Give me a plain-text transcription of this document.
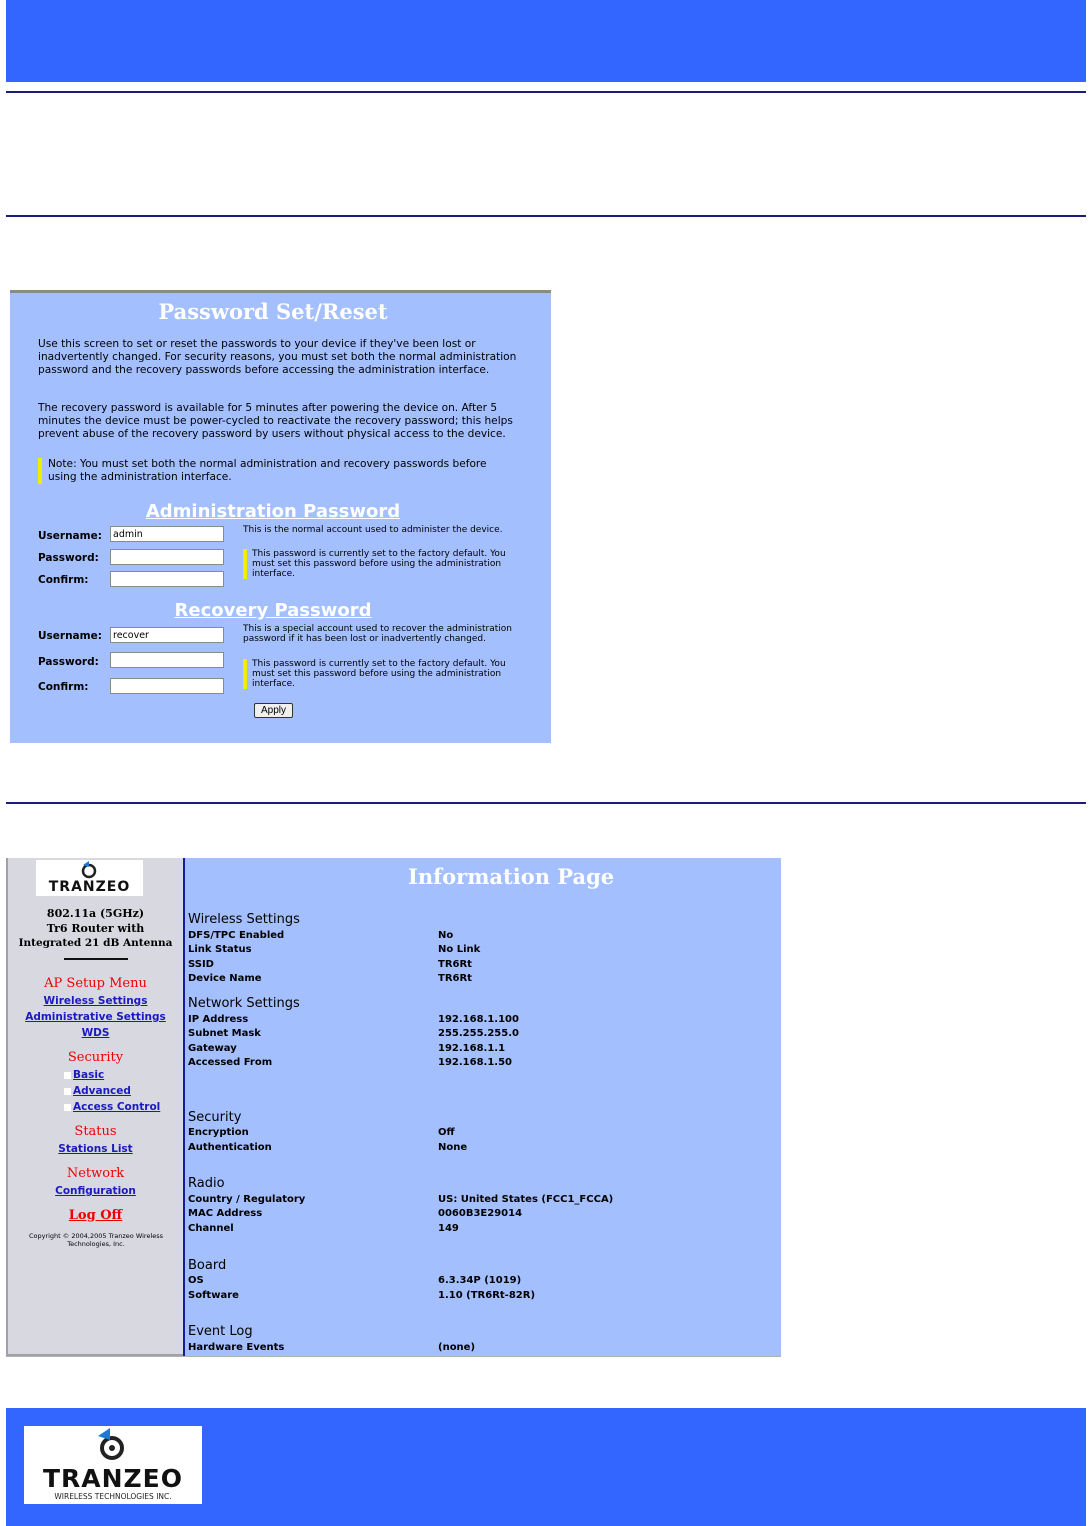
Password Set/Reset
Use this screen to set or reset the passwords to your device if they've been lost or inadvertently changed. For security reasons, you must set both the normal administration password and the recovery passwords before accessing the administration interface.
The recovery password is available for 5 minutes after powering the device on. After 5 minutes the device must be power-cycled to reactivate the recovery password; this helps prevent abuse of the recovery password by users without physical access to the device.
Note: You must set both the normal administration and recovery passwords before using the administration interface.
Administration Password
Username:
admin
Password:
Confirm:
This is the normal account used to administer the device.
This password is currently set to the factory default. You must set this password before using the administration interface.
Recovery Password
Username:
recover
Password:
Confirm:
This is a special account used to recover the administration password if it has been lost or inadvertently changed.
This password is currently set to the factory default. You must set this password before using the administration interface.
Apply
TRANZEO
802.11a (5GHz)
Tr6 Router with
Integrated 21 dB Antenna
AP Setup Menu
Wireless Settings
Administrative Settings
WDS
Security
Basic
Advanced
Access Control
Status
Stations List
Network
Configuration
Log Off
Copyright © 2004,2005 Tranzeo Wireless Technologies, Inc.
Information Page
Wireless Settings
DFS/TPC Enabled	No
Link Status	No Link
SSID	TR6Rt
Device Name	TR6Rt
Network Settings
IP Address	192.168.1.100
Subnet Mask	255.255.255.0
Gateway	192.168.1.1
Accessed From	192.168.1.50
Security
Encryption	Off
Authentication	None
Radio
Country / Regulatory	US: United States (FCC1_FCCA)
MAC Address	0060B3E29014
Channel	149
Board
OS	6.3.34P (1019)
Software	1.10 (TR6Rt-82R)
Event Log
Hardware Events	(none)
TRANZEO
WIRELESS TECHNOLOGIES INC.
